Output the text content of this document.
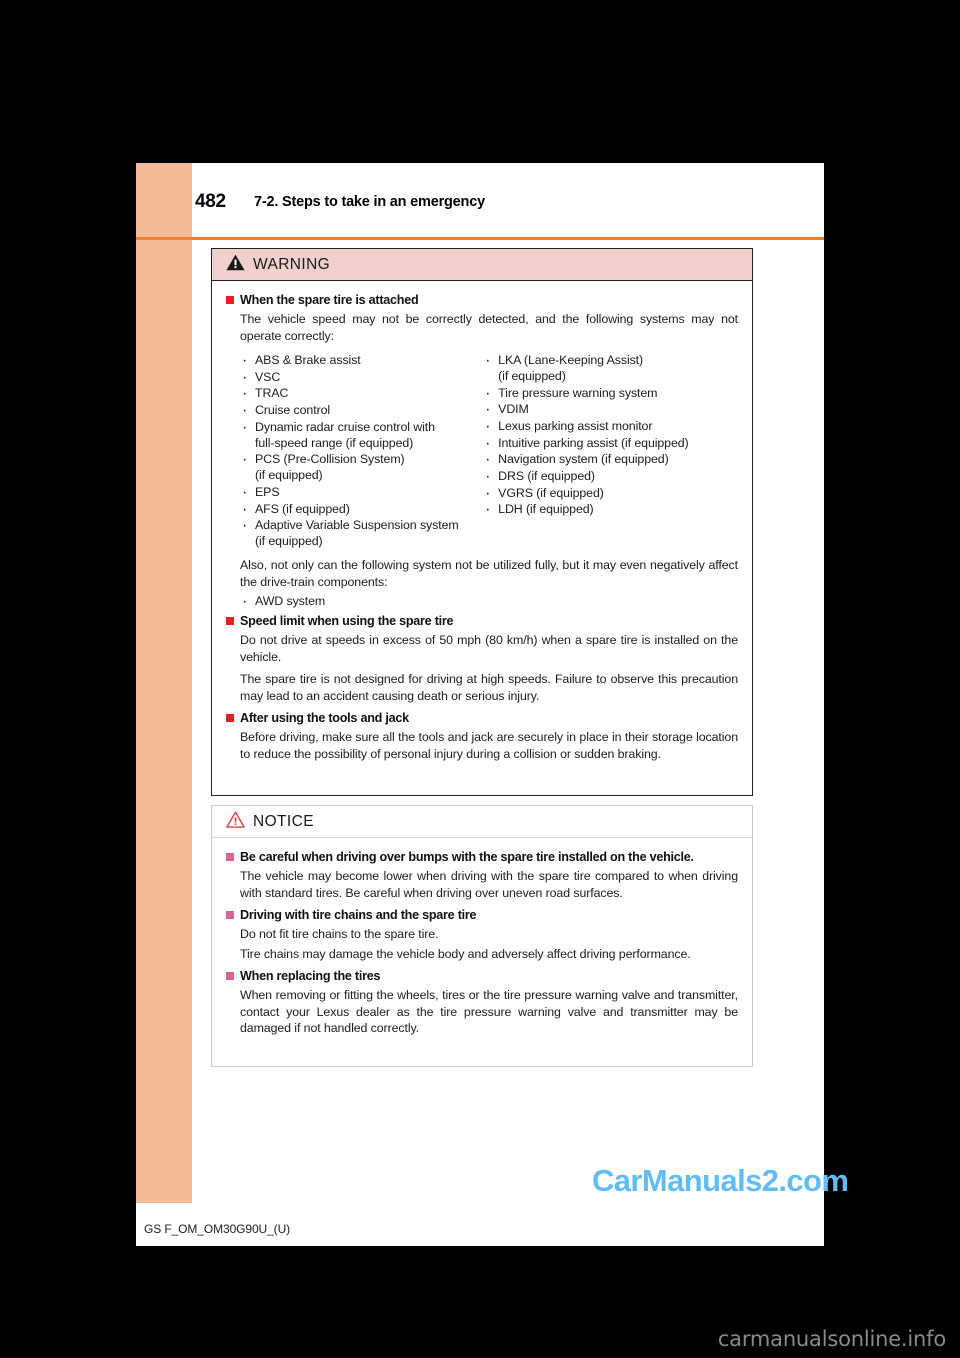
482 7-2. Steps to take in an emergency
WARNING
When the spare tire is attached

The vehicle speed may not be correctly detected, and the following systems may not operate correctly:

· ABS & Brake assist
· VSC
· TRAC
· Cruise control
· Dynamic radar cruise control with
full-speed range (if equipped)
· PCS (Pre-Collision System)
(if equipped)
· EPS
· AFS (if equipped)
· Adaptive Variable Suspension system
(if equipped)
· LKA (Lane-Keeping Assist)
(if equipped)
· Tire pressure warning system
· VDIM
· Lexus parking assist monitor
· Intuitive parking assist (if equipped)
· Navigation system (if equipped)
· DRS (if equipped)
· VGRS (if equipped)
· LDH (if equipped)

Also, not only can the following system not be utilized fully, but it may even negatively affect the drive-train components:

· AWD system
Speed limit when using the spare tire

Do not drive at speeds in excess of 50 mph (80 km/h) when a spare tire is installed on the vehicle.

The spare tire is not designed for driving at high speeds. Failure to observe this precaution may lead to an accident causing death or serious injury.

After using the tools and jack

Before driving, make sure all the tools and jack are securely in place in their storage location to reduce the possibility of personal injury during a collision or sudden braking.

NOTICE
Be careful when driving over bumps with the spare tire installed on the vehicle.

The vehicle may become lower when driving with the spare tire compared to when driving with standard tires. Be careful when driving over uneven road surfaces.

Driving with tire chains and the spare tire

Do not fit tire chains to the spare tire.

Tire chains may damage the vehicle body and adversely affect driving performance.

When replacing the tires

When removing or fitting the wheels, tires or the tire pressure warning valve and transmitter, contact your Lexus dealer as the tire pressure warning valve and transmitter may be damaged if not handled correctly.

CarManuals2.com
GS F_OM_OM30G90U_(U)
carmanualsonline.info
